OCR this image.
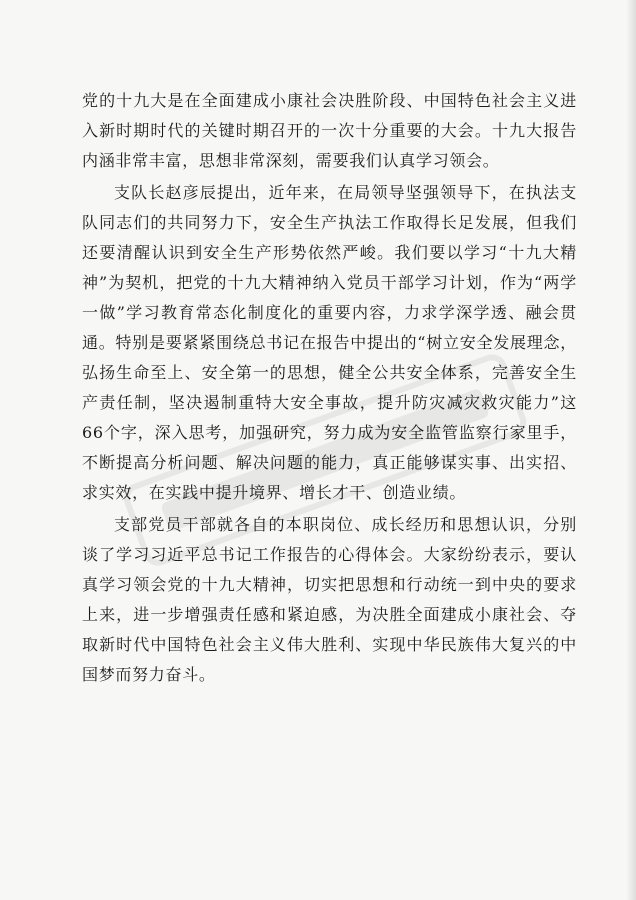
党的十九大是在全面建成小康社会决胜阶段、中国特色社会主义进入新时期时代的关键时期召开的一次十分重要的大会。十九大报告内涵非常丰富，思想非常深刻，需要我们认真学习领会。

支队长赵彦辰提出，近年来，在局领导坚强领导下，在执法支队同志们的共同努力下，安全生产执法工作取得长足发展，但我们还要清醒认识到安全生产形势依然严峻。我们要以学习“十九大精神”为契机，把党的十九大精神纳入党员干部学习计划，作为“两学一做”学习教育常态化制度化的重要内容，力求学深学透、融会贯通。特别是要紧紧围绕总书记在报告中提出的“树立安全发展理念，弘扬生命至上、安全第一的思想，健全公共安全体系，完善安全生产责任制，坚决遏制重特大安全事故，提升防灾减灾救灾能力”这66个字，深入思考，加强研究，努力成为安全监管监察行家里手，不断提高分析问题、解决问题的能力，真正能够谋实事、出实招、求实效，在实践中提升境界、增长才干、创造业绩。

支部党员干部就各自的本职岗位、成长经历和思想认识，分别谈了学习习近平总书记工作报告的心得体会。大家纷纷表示，要认真学习领会党的十九大精神，切实把思想和行动统一到中央的要求上来，进一步增强责任感和紧迫感，为决胜全面建成小康社会、夺取新时代中国特色社会主义伟大胜利、实现中华民族伟大复兴的中国梦而努力奋斗。
